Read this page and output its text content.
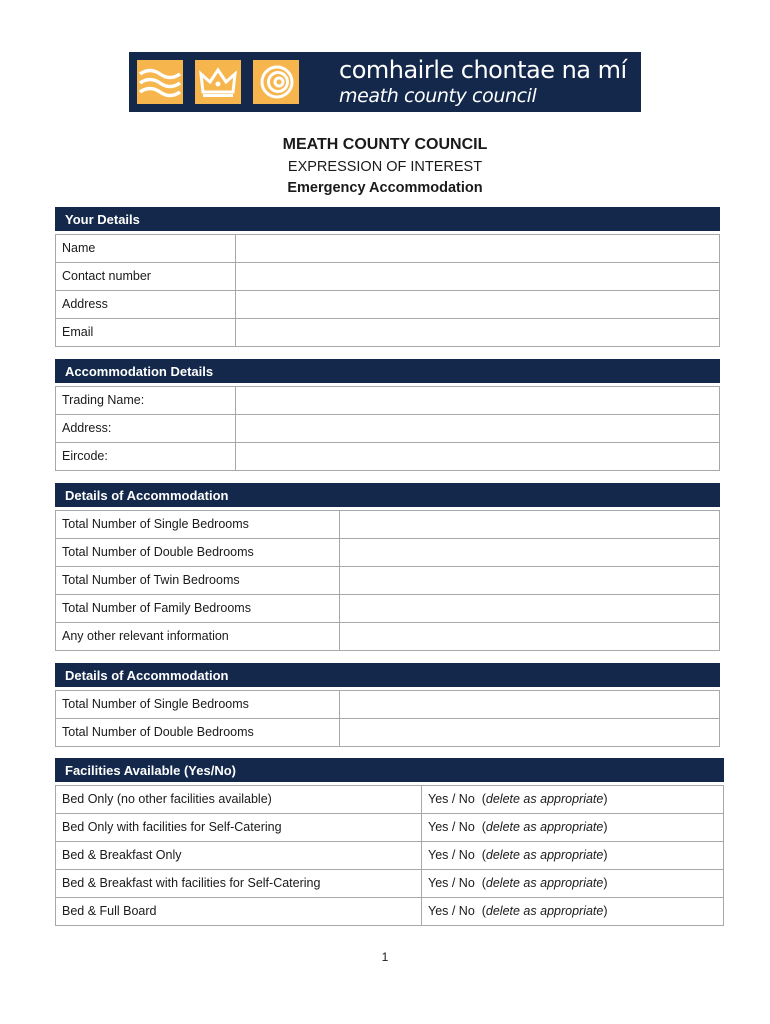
comhairle chontae na mí
meath county council
MEATH COUNTY COUNCIL
EXPRESSION OF INTEREST
Emergency Accommodation
Your Details
Name
Contact number
Address
Email
Accommodation Details
Trading Name:
Address:
Eircode:
Details of Accommodation
Total Number of Single Bedrooms
Total Number of Double Bedrooms
Total Number of Twin Bedrooms
Total Number of Family Bedrooms
Any other relevant information
Details of Accommodation
Total Number of Single Bedrooms
Total Number of Double Bedrooms
Facilities Available (Yes/No)
Bed Only (no other facilities available)	Yes / No  (delete as appropriate)
Bed Only with facilities for Self-Catering	Yes / No  (delete as appropriate)
Bed & Breakfast Only	Yes / No  (delete as appropriate)
Bed & Breakfast with facilities for Self-Catering	Yes / No  (delete as appropriate)
Bed & Full Board	Yes / No  (delete as appropriate)
1
